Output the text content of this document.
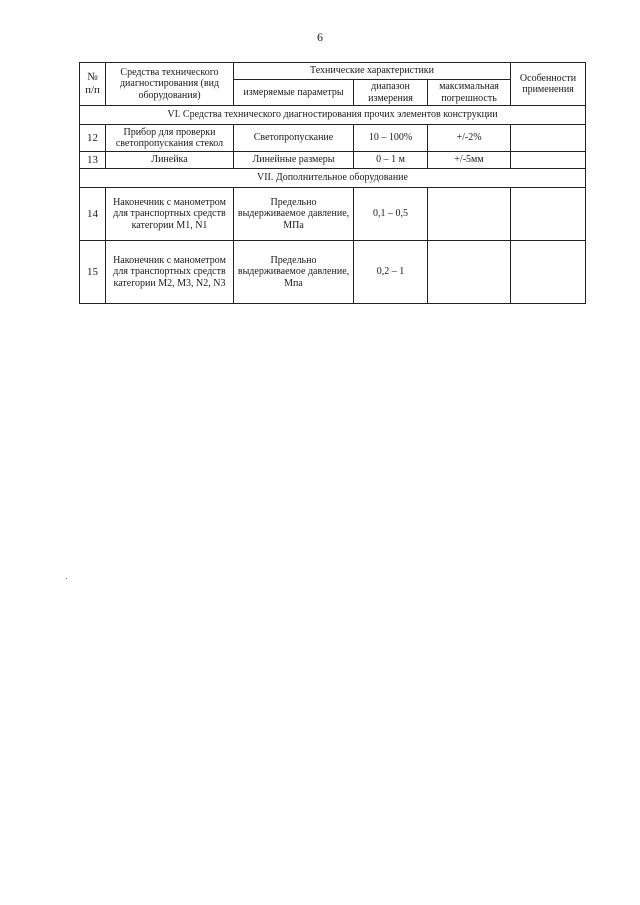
6
№ п/п	Средства технического диагностирования (вид оборудования)	Технические характеристики			Особенности применения
		измеряемые параметры	диапазон измерения	максимальная погрешность	
VI. Средства технического диагностирования прочих элементов конструкции					
12	Прибор для проверки светопропускания стекол	Светопропускание	10 – 100%	+/-2%	
13	Линейка	Линейные размеры	0 – 1 м	+/-5мм	
VII. Дополнительное оборудование					
14	Наконечник с манометром для транспортных средств категории M1, N1	Предельно выдерживаемое давление, МПа	0,1 – 0,5		
15	Наконечник с манометром для транспортных средств категории М2, М3, N2, N3	Предельно выдерживаемое давление, Мпа	0,2 – 1		
